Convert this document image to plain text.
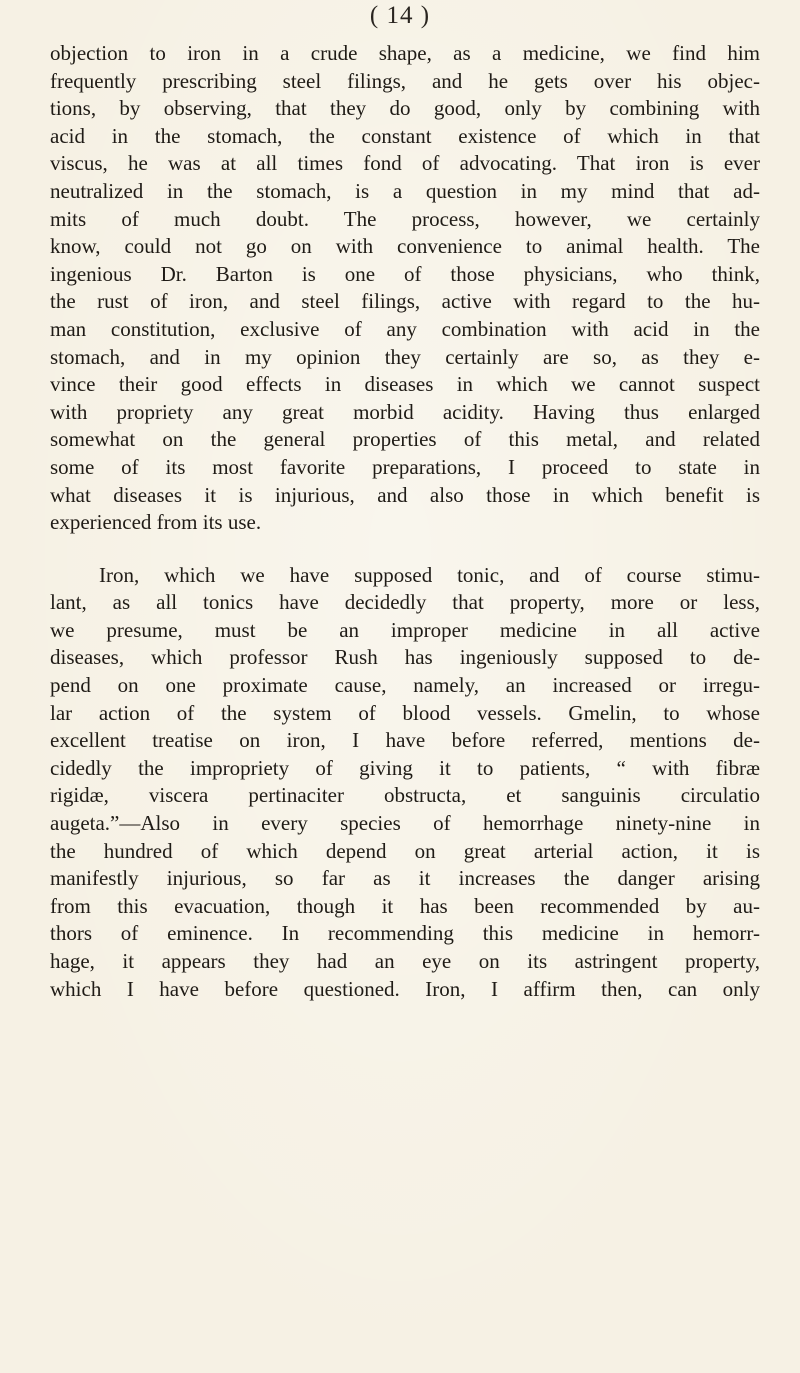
( 14 )
objection to iron in a crude shape, as a medicine, we find him
frequently prescribing steel filings, and he gets over his objec-
tions, by observing, that they do good, only by combining with
acid in the stomach, the constant existence of which in that
viscus, he was at all times fond of advocating. That iron is ever
neutralized in the stomach, is a question in my mind that ad-
mits of much doubt. The process, however, we certainly
know, could not go on with convenience to animal health. The
ingenious Dr. Barton is one of those physicians, who think,
the rust of iron, and steel filings, active with regard to the hu-
man constitution, exclusive of any combination with acid in the
stomach, and in my opinion they certainly are so, as they e-
vince their good effects in diseases in which we cannot suspect
with propriety any great morbid acidity. Having thus enlarged
somewhat on the general properties of this metal, and related
some of its most favorite preparations, I proceed to state in
what diseases it is injurious, and also those in which benefit is
experienced from its use.
Iron, which we have supposed tonic, and of course stimu-
lant, as all tonics have decidedly that property, more or less,
we presume, must be an improper medicine in all active
diseases, which professor Rush has ingeniously supposed to de-
pend on one proximate cause, namely, an increased or irregu-
lar action of the system of blood vessels. Gmelin, to whose
excellent treatise on iron, I have before referred, mentions de-
cidedly the impropriety of giving it to patients, “ with fibræ
rigidæ, viscera pertinaciter obstructa, et sanguinis circulatio
augeta.”—Also in every species of hemorrhage ninety-nine in
the hundred of which depend on great arterial action, it is
manifestly injurious, so far as it increases the danger arising
from this evacuation, though it has been recommended by au-
thors of eminence. In recommending this medicine in hemorr-
hage, it appears they had an eye on its astringent property,
which I have before questioned. Iron, I affirm then, can only
